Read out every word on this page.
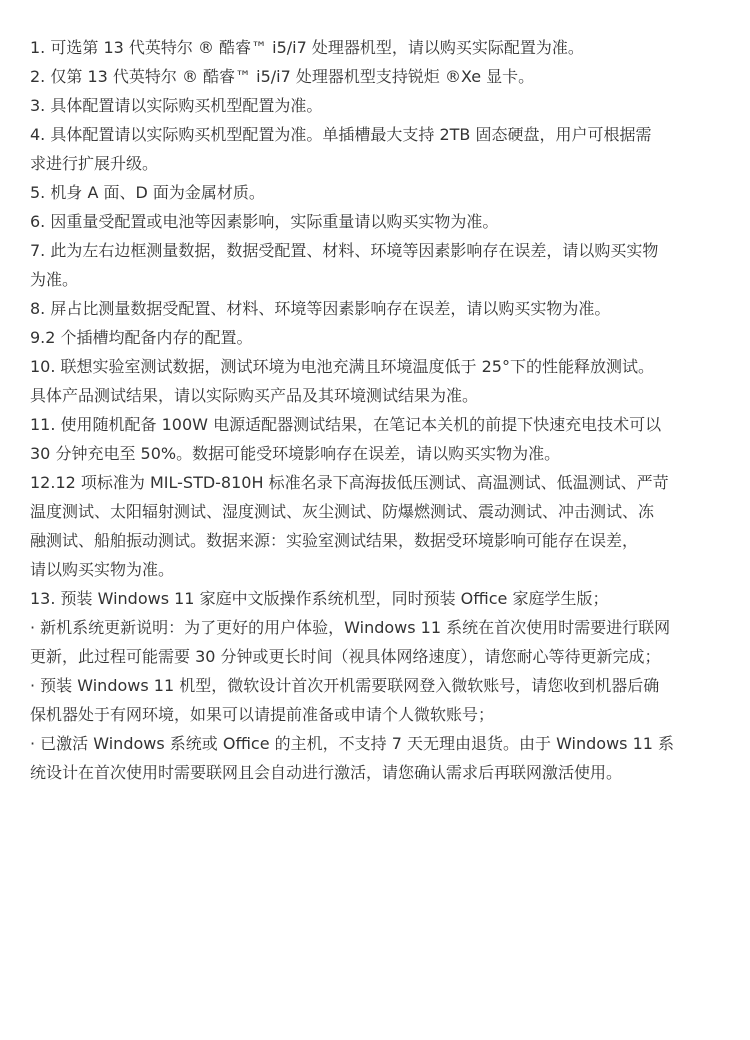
1. 可选第 13 代英特尔 ® 酷睿™ i5/i7 处理器机型，请以购买实际配置为准。
2. 仅第 13 代英特尔 ® 酷睿™ i5/i7 处理器机型支持锐炬 ®Xe 显卡。
3. 具体配置请以实际购买机型配置为准。
4. 具体配置请以实际购买机型配置为准。单插槽最大支持 2TB 固态硬盘，用户可根据需
求进行扩展升级。
5. 机身 A 面、D 面为金属材质。
6. 因重量受配置或电池等因素影响，实际重量请以购买实物为准。
7. 此为左右边框测量数据，数据受配置、材料、环境等因素影响存在误差，请以购买实物
为准。
8. 屏占比测量数据受配置、材料、环境等因素影响存在误差，请以购买实物为准。
9.2 个插槽均配备内存的配置。
10. 联想实验室测试数据，测试环境为电池充满且环境温度低于 25°下的性能释放测试。
具体产品测试结果，请以实际购买产品及其环境测试结果为准。
11. 使用随机配备 100W 电源适配器测试结果，在笔记本关机的前提下快速充电技术可以
30 分钟充电至 50%。数据可能受环境影响存在误差，请以购买实物为准。
12.12 项标准为 MIL-STD-810H 标准名录下高海拔低压测试、高温测试、低温测试、严苛
温度测试、太阳辐射测试、湿度测试、灰尘测试、防爆燃测试、震动测试、冲击测试、冻
融测试、船舶振动测试。数据来源：实验室测试结果，数据受环境影响可能存在误差，
请以购买实物为准。
13. 预装 Windows 11 家庭中文版操作系统机型，同时预装 Office 家庭学生版；
· 新机系统更新说明：为了更好的用户体验，Windows 11 系统在首次使用时需要进行联网
更新，此过程可能需要 30 分钟或更长时间（视具体网络速度），请您耐心等待更新完成；
· 预装 Windows 11 机型，微软设计首次开机需要联网登入微软账号，请您收到机器后确
保机器处于有网环境，如果可以请提前准备或申请个人微软账号；
· 已激活 Windows 系统或 Office 的主机，不支持 7 天无理由退货。由于 Windows 11 系
统设计在首次使用时需要联网且会自动进行激活，请您确认需求后再联网激活使用。
